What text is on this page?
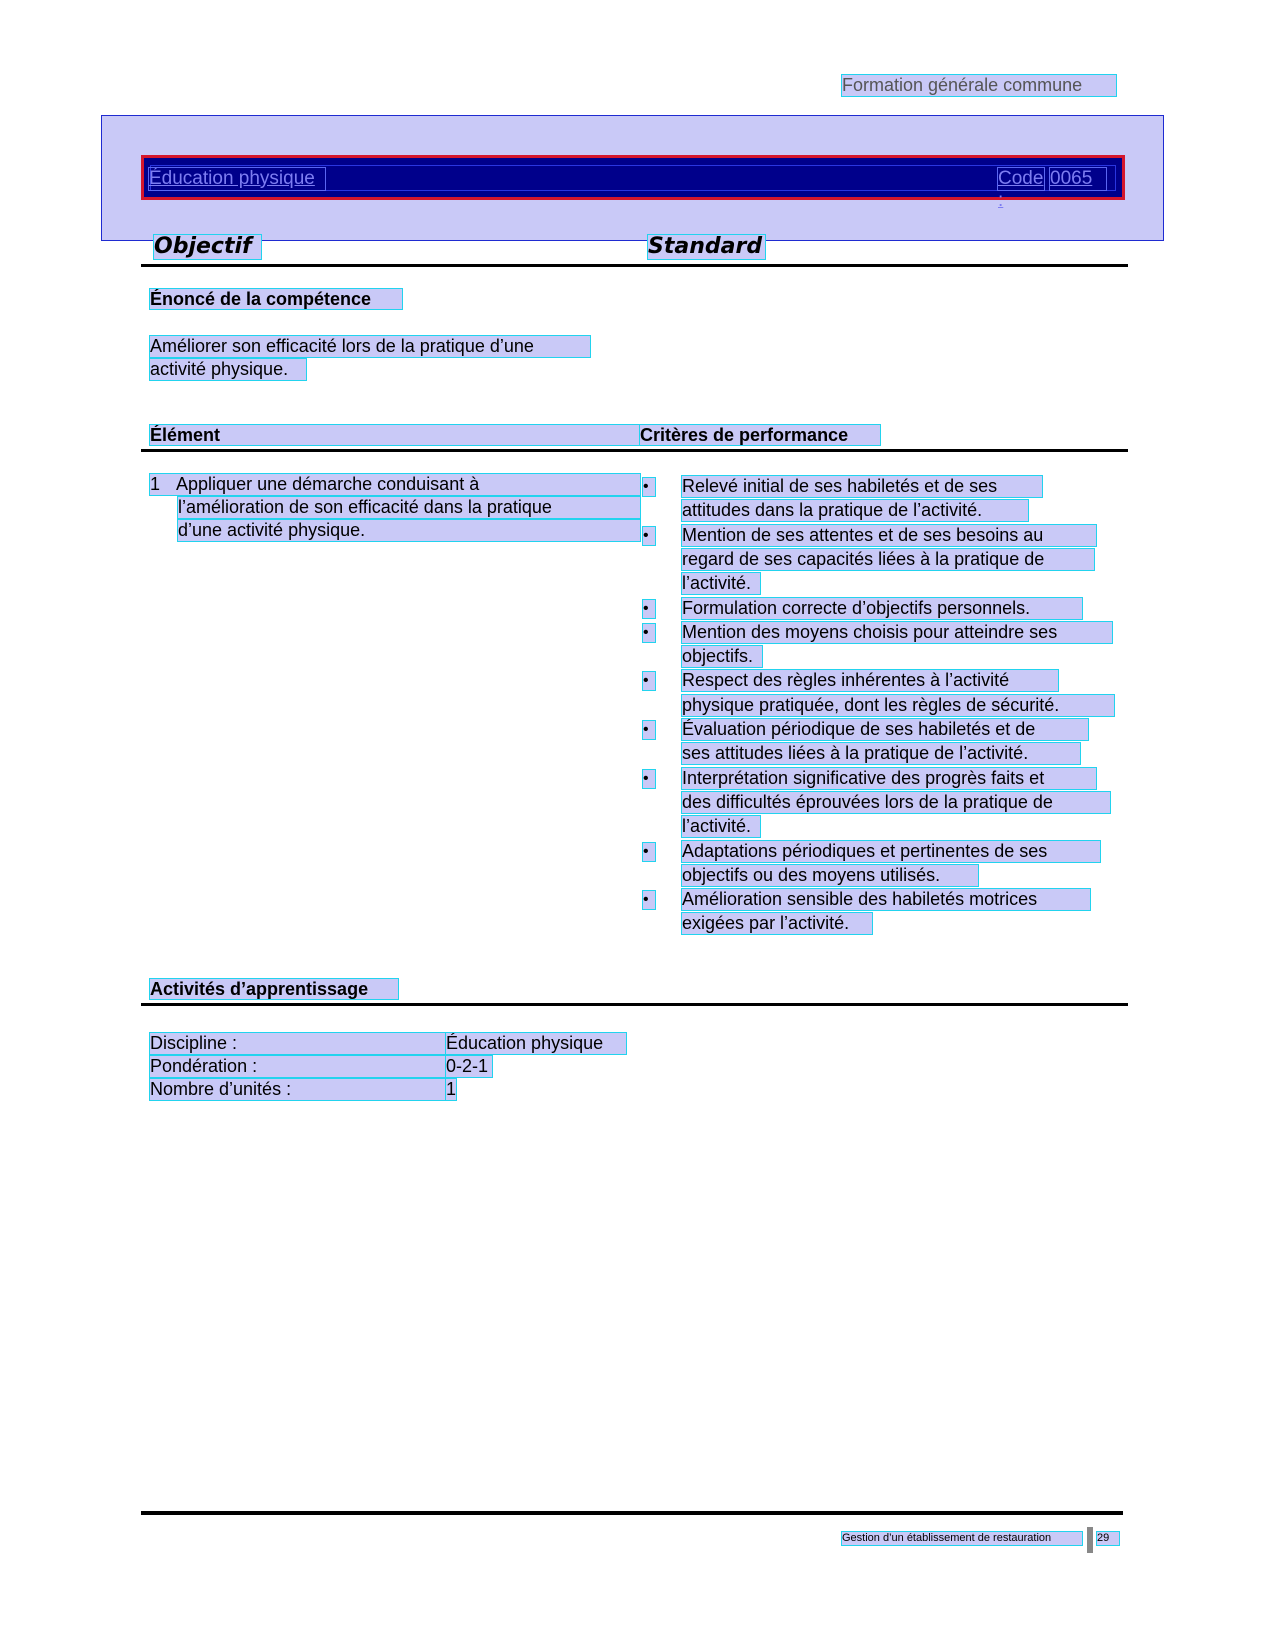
Formation générale commune
Éducation physique	Code :
0065
Objectif	Standard
Énoncé de la compétence
Améliorer son efficacité lors de la pratique d’une
activité physique.
Élément	Critères de performance
1 Appliquer une démarche conduisant à
l’amélioration de son efficacité dans la pratique
d’une activité physique.
•	Relevé initial de ses habiletés et de ses
attitudes dans la pratique de l’activité.
•	Mention de ses attentes et de ses besoins au
regard de ses capacités liées à la pratique de
l’activité.
•	Formulation correcte d’objectifs personnels.
•	Mention des moyens choisis pour atteindre ses
objectifs.
•	Respect des règles inhérentes à l’activité
physique pratiquée, dont les règles de sécurité.
•	Évaluation périodique de ses habiletés et de
ses attitudes liées à la pratique de l’activité.
•	Interprétation significative des progrès faits et
des difficultés éprouvées lors de la pratique de
l’activité.
•	Adaptations périodiques et pertinentes de ses
objectifs ou des moyens utilisés.
•	Amélioration sensible des habiletés motrices
exigées par l’activité.
Activités d’apprentissage
Discipline :	Éducation physique
Pondération :	0-2-1
Nombre d’unités :	1
Gestion d’un établissement de restauration	29
